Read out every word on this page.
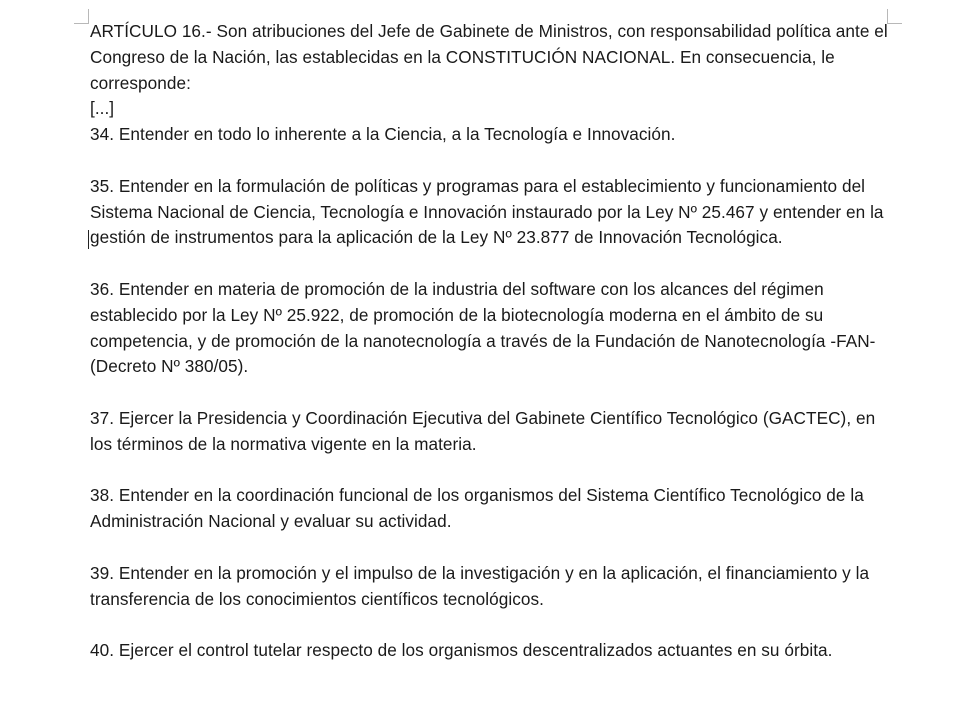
ARTÍCULO 16.- Son atribuciones del Jefe de Gabinete de Ministros, con responsabilidad política ante el Congreso de la Nación, las establecidas en la CONSTITUCIÓN NACIONAL. En consecuencia, le corresponde:

[...]

34. Entender en todo lo inherente a la Ciencia, a la Tecnología e Innovación.

35. Entender en la formulación de políticas y programas para el establecimiento y funcionamiento del Sistema Nacional de Ciencia, Tecnología e Innovación instaurado por la Ley Nº 25.467 y entender en la gestión de instrumentos para la aplicación de la Ley Nº 23.877 de Innovación Tecnológica.

36. Entender en materia de promoción de la industria del software con los alcances del régimen establecido por la Ley Nº 25.922, de promoción de la biotecnología moderna en el ámbito de su competencia, y de promoción de la nanotecnología a través de la Fundación de Nanotecnología -FAN- (Decreto Nº 380/05).

37. Ejercer la Presidencia y Coordinación Ejecutiva del Gabinete Científico Tecnológico (GACTEC), en los términos de la normativa vigente en la materia.

38. Entender en la coordinación funcional de los organismos del Sistema Científico Tecnológico de la Administración Nacional y evaluar su actividad.

39. Entender en la promoción y el impulso de la investigación y en la aplicación, el financiamiento y la transferencia de los conocimientos científicos tecnológicos.

40. Ejercer el control tutelar respecto de los organismos descentralizados actuantes en su órbita.
